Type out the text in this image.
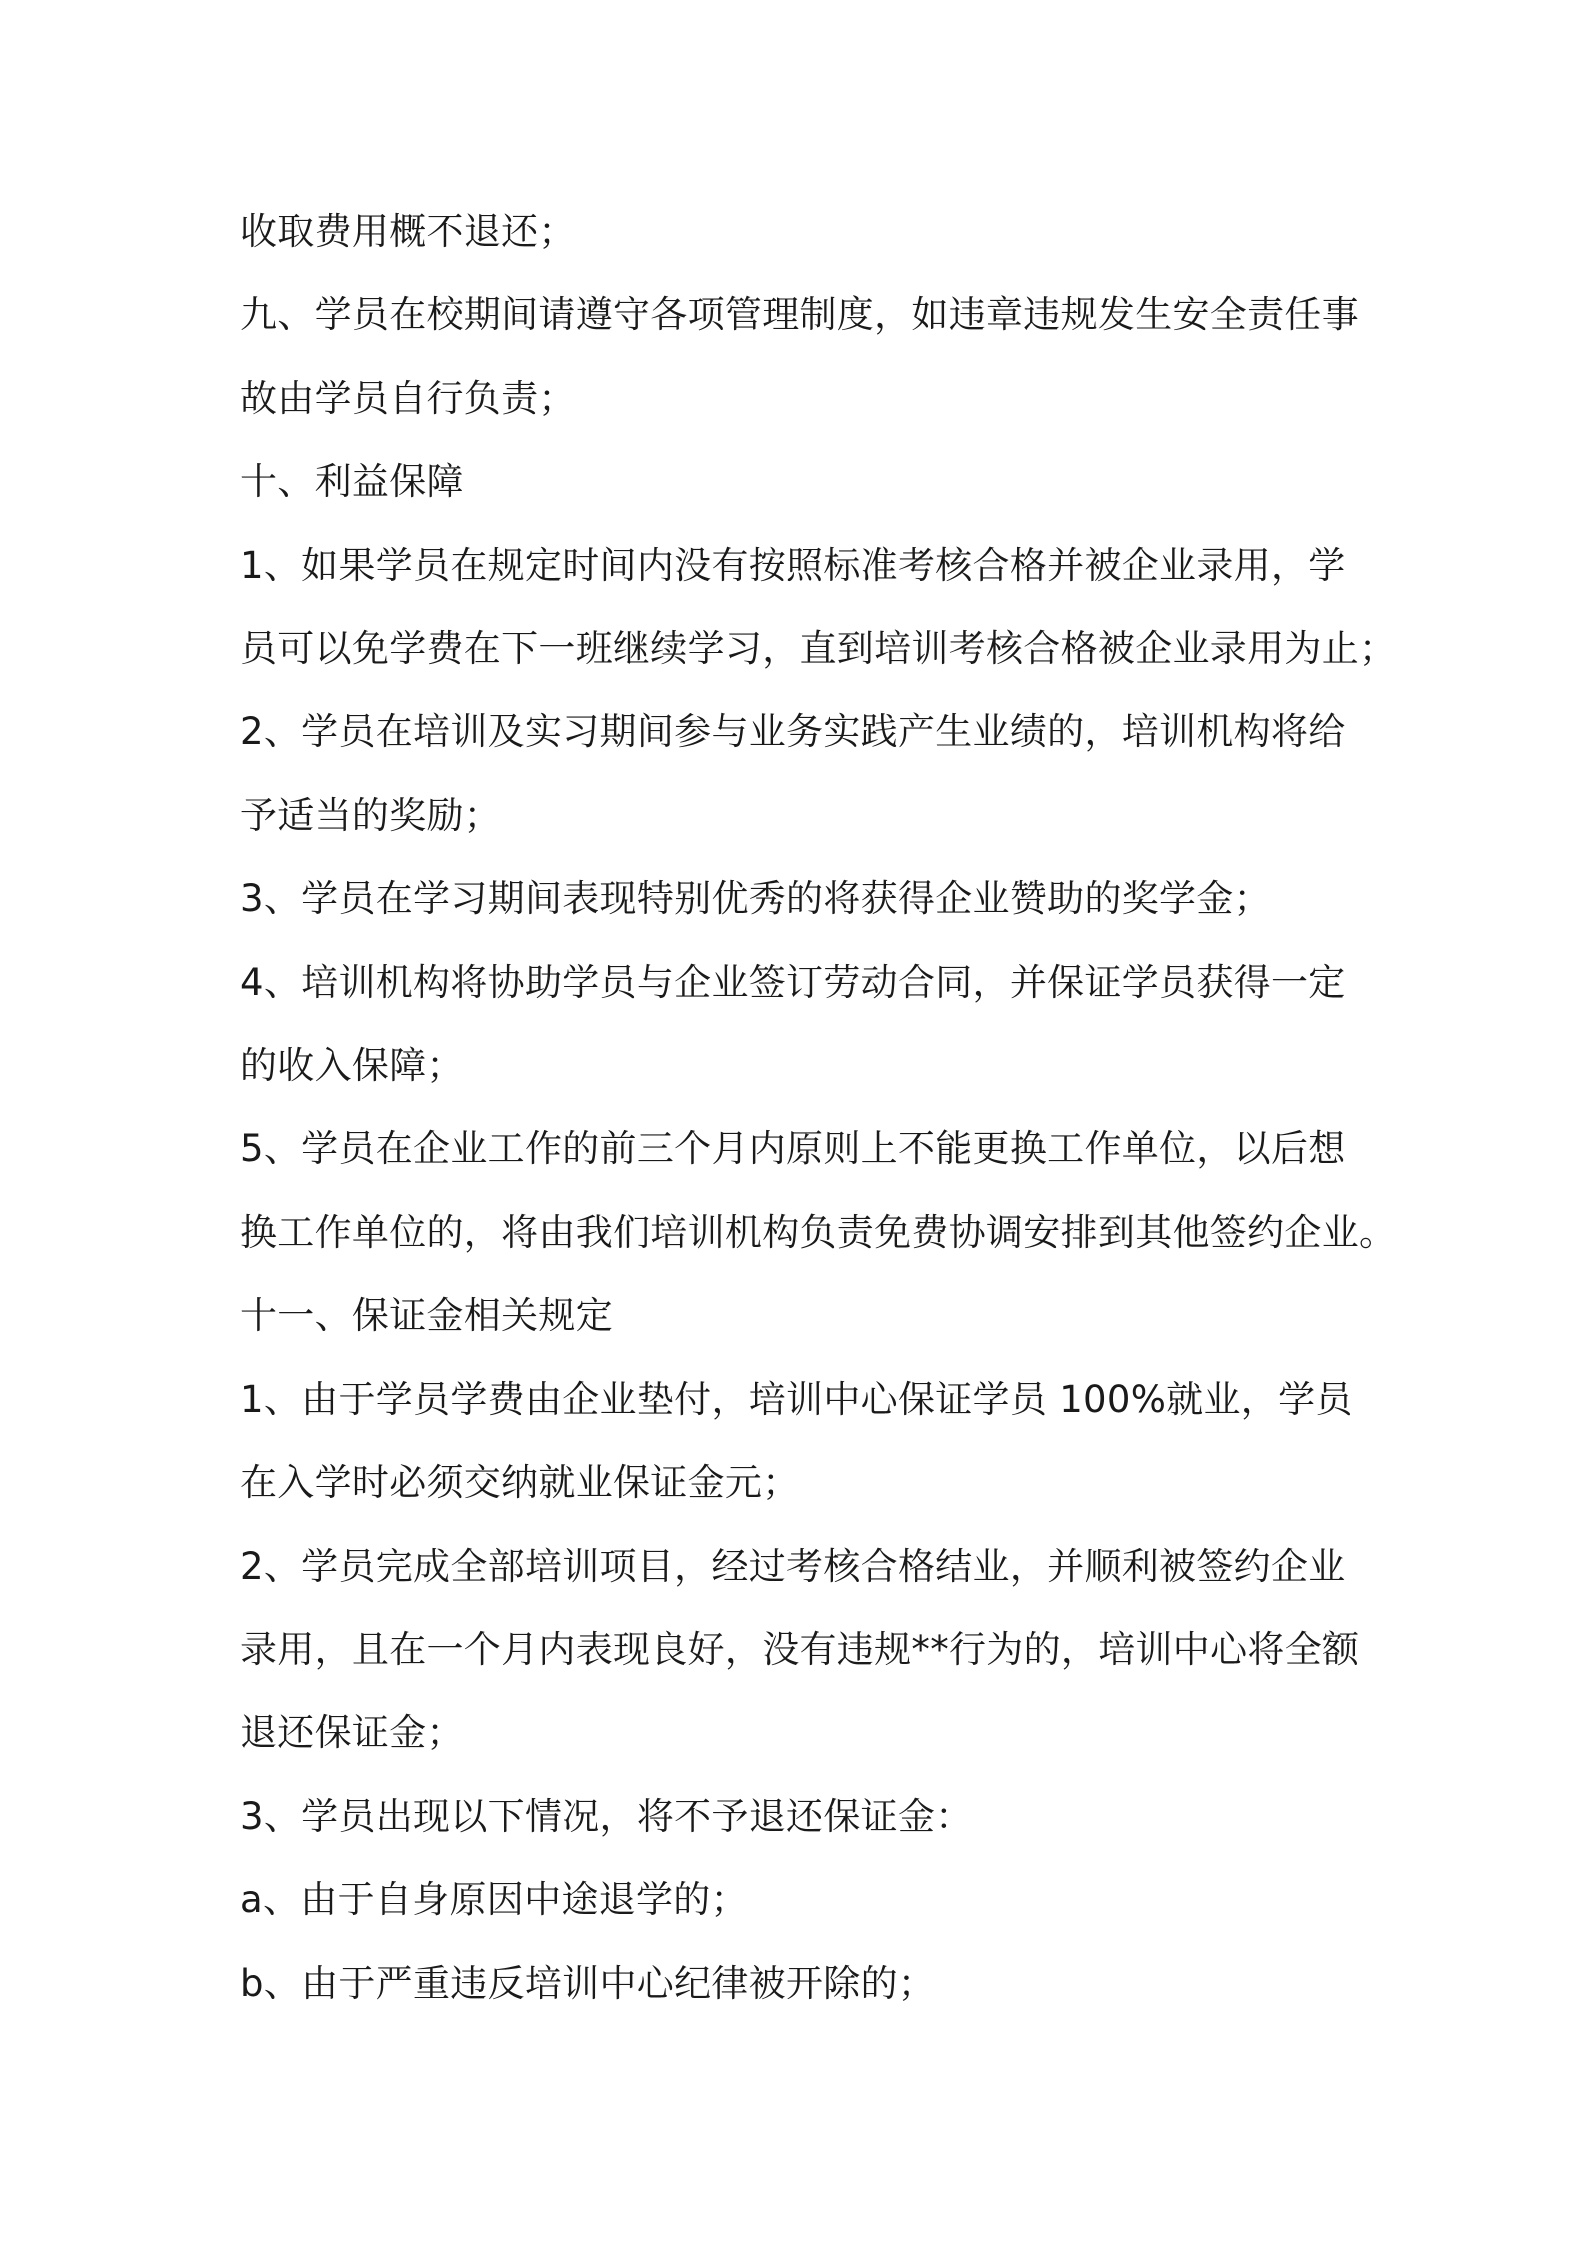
收取费用概不退还；
九、学员在校期间请遵守各项管理制度，如违章违规发生安全责任事
故由学员自行负责；
十、利益保障
1、如果学员在规定时间内没有按照标准考核合格并被企业录用，学
员可以免学费在下一班继续学习，直到培训考核合格被企业录用为止；
2、学员在培训及实习期间参与业务实践产生业绩的，培训机构将给
予适当的奖励；
3、学员在学习期间表现特别优秀的将获得企业赞助的奖学金；
4、培训机构将协助学员与企业签订劳动合同，并保证学员获得一定
的收入保障；
5、学员在企业工作的前三个月内原则上不能更换工作单位，以后想
换工作单位的，将由我们培训机构负责免费协调安排到其他签约企业。
十一、保证金相关规定
1、由于学员学费由企业垫付，培训中心保证学员 100%就业，学员
在入学时必须交纳就业保证金元；
2、学员完成全部培训项目，经过考核合格结业，并顺利被签约企业
录用，且在一个月内表现良好，没有违规**行为的，培训中心将全额
退还保证金；
3、学员出现以下情况，将不予退还保证金：
a、由于自身原因中途退学的；
b、由于严重违反培训中心纪律被开除的；
